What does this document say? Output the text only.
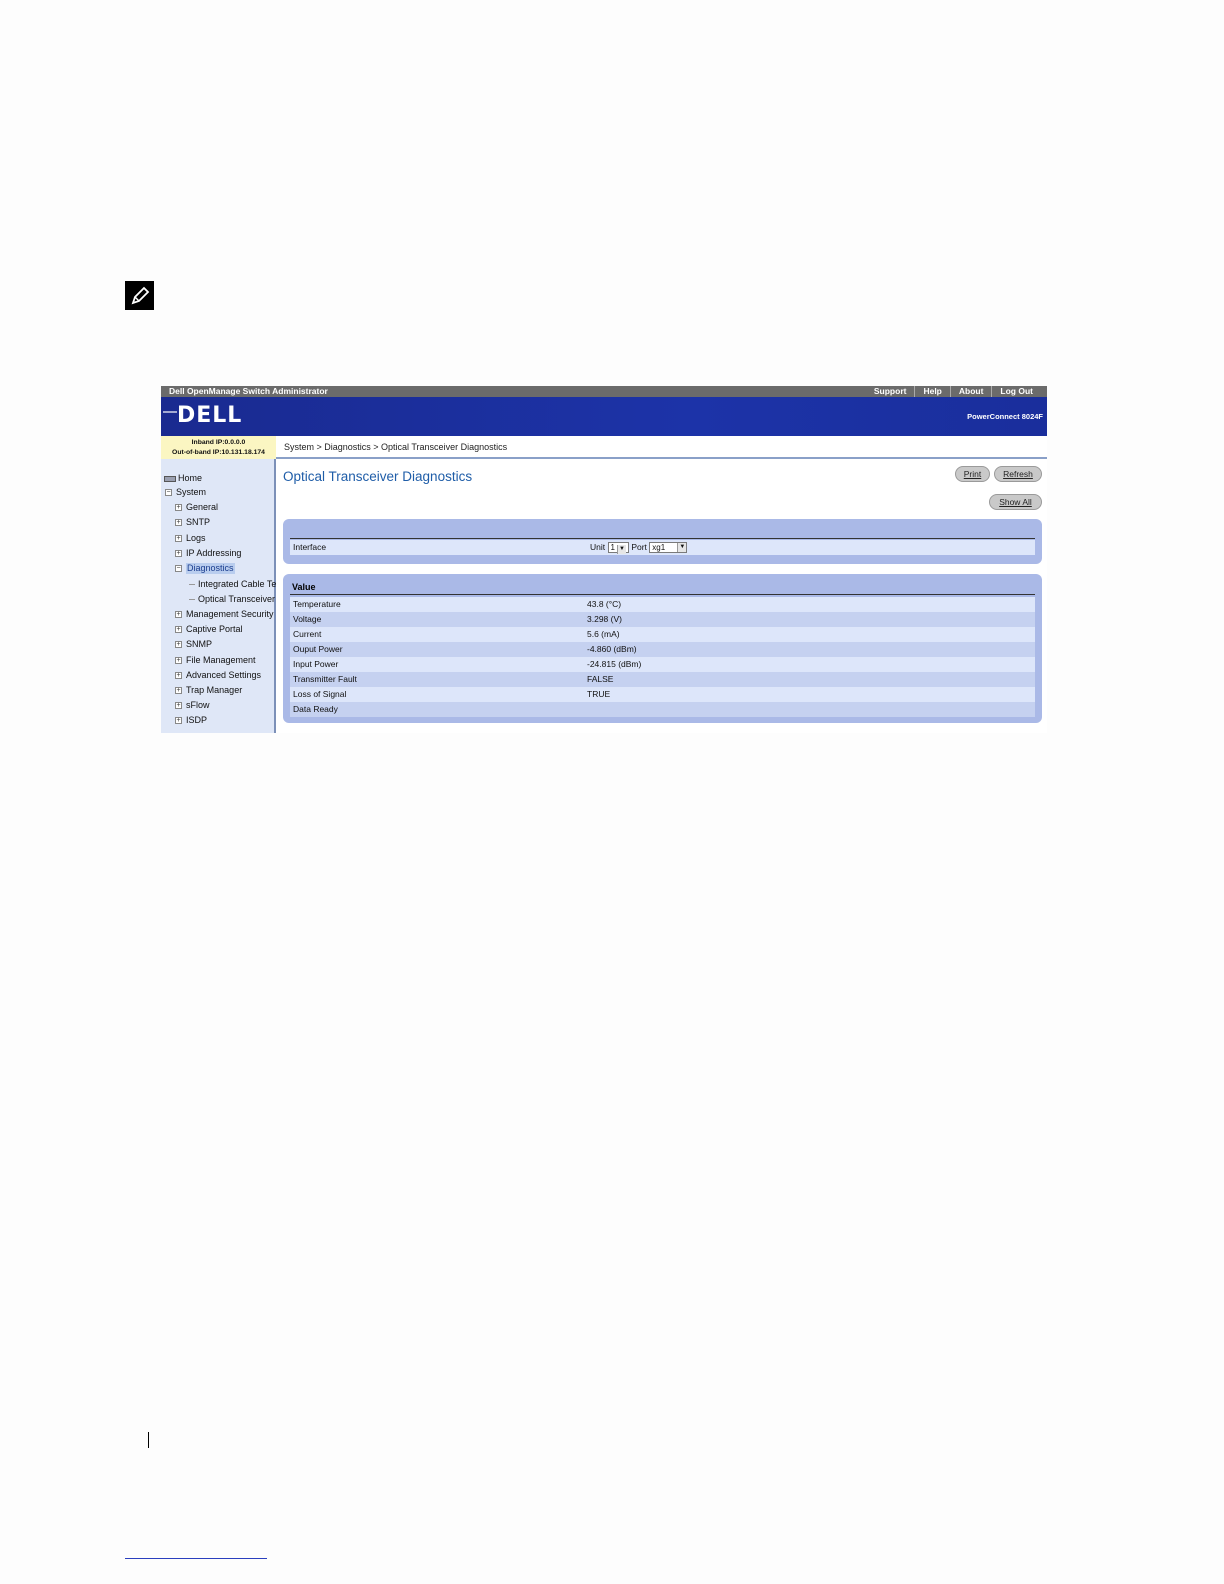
Dell OpenManage Switch Administrator	Support	Help	About	Log Out
DELL	PowerConnect 8024F
Inband IP:0.0.0.0
Out-of-band IP:10.131.18.174
System > Diagnostics > Optical Transceiver Diagnostics
Home
− System
+ General
+ SNTP
+ Logs
+ IP Addressing
− Diagnostics
Integrated Cable Te
Optical Transceiver
+ Management Security
+ Captive Portal
+ SNMP
+ File Management
+ Advanced Settings
+ Trap Manager
+ sFlow
+ ISDP
Optical Transceiver Diagnostics	Print	Refresh
Show All
Interface	Unit 1 ▼ Port xg1	▼
Value
Temperature	43.8 (°C)
Voltage	3.298 (V)
Current	5.6 (mA)
Ouput Power	-4.860 (dBm)
Input Power	-24.815 (dBm)
Transmitter Fault	FALSE
Loss of Signal	TRUE
Data Ready
